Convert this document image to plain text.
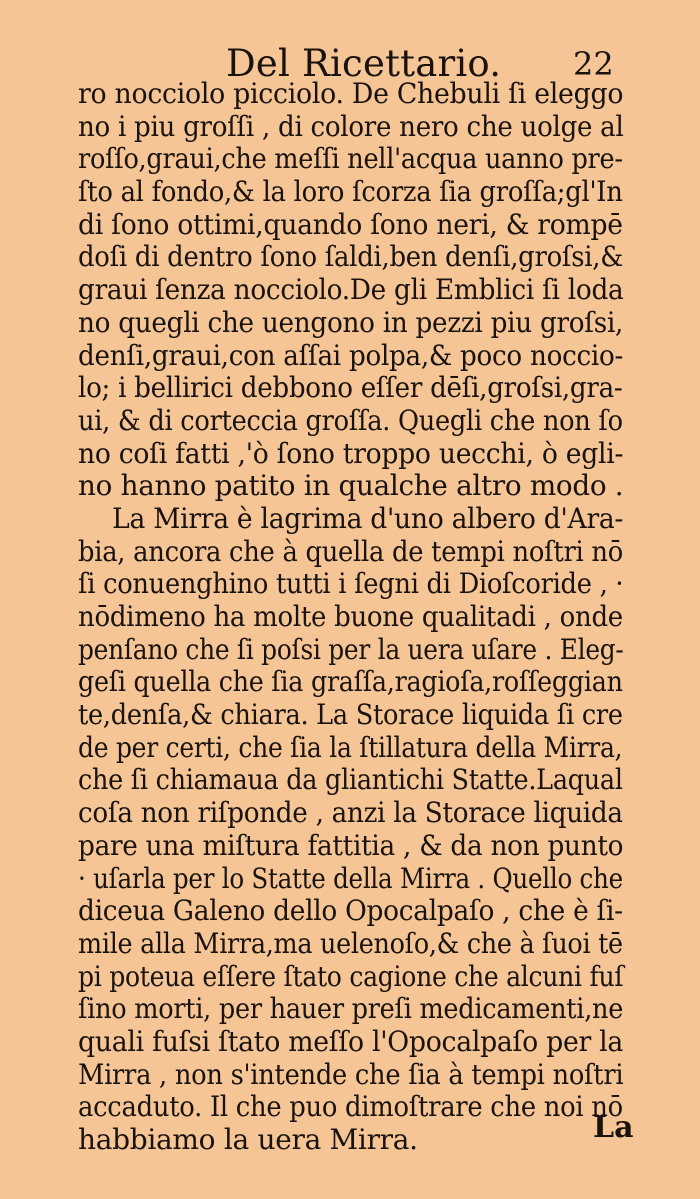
Del Ricettario. 22
ro nocciolo picciolo. De Chebuli ſi eleggo
no i piu groſſi , di colore nero che uolge al
roſſo,graui,che meſſi nell'acqua uanno pre-
ſto al fondo,& la loro ſcorza ſia groſſa;gl'In
di ſono ottimi,quando ſono neri, & rompē
doſi di dentro ſono ſaldi,ben denſi,groſsi,&
graui ſenza nocciolo.De gli Emblici ſi loda
no quegli che uengono in pezzi piu groſsi,
denſi,graui,con aſſai polpa,& poco noccio-
lo; i bellirici debbono eſſer dēſi,groſsi,gra-
ui, & di corteccia groſſa. Quegli che non ſo
no coſi fatti ,'ò ſono troppo uecchi, ò egli-
no hanno patito in qualche altro modo .
La Mirra è lagrima d'uno albero d'Ara-
bia, ancora che à quella de tempi noſtri nō
ſi conuenghino tutti i ſegni di Dioſcoride , ·
nōdimeno ha molte buone qualitadi , onde
penſano che ſi poſsi per la uera uſare . Eleg-
geſi quella che ſia graſſa,ragioſa,roſſeggian
te,denſa,& chiara. La Storace liquida ſi cre
de per certi, che ſia la ſtillatura della Mirra,
che ſi chiamaua da gliantichi Statte.Laqual
coſa non riſponde , anzi la Storace liquida
pare una miſtura fattitia , & da non punto
· uſarla per lo Statte della Mirra . Quello che
diceua Galeno dello Opocalpaſo , che è ſi-
mile alla Mirra,ma uelenoſo,& che à ſuoi tē
pi poteua eſſere ſtato cagione che alcuni fuſ
ſino morti, per hauer preſi medicamenti,ne
quali fuſsi ſtato meſſo l'Opocalpaſo per la
Mirra , non s'intende che ſia à tempi noſtri
accaduto. Il che puo dimoſtrare che noi nō
habbiamo la uera Mirra.	La
